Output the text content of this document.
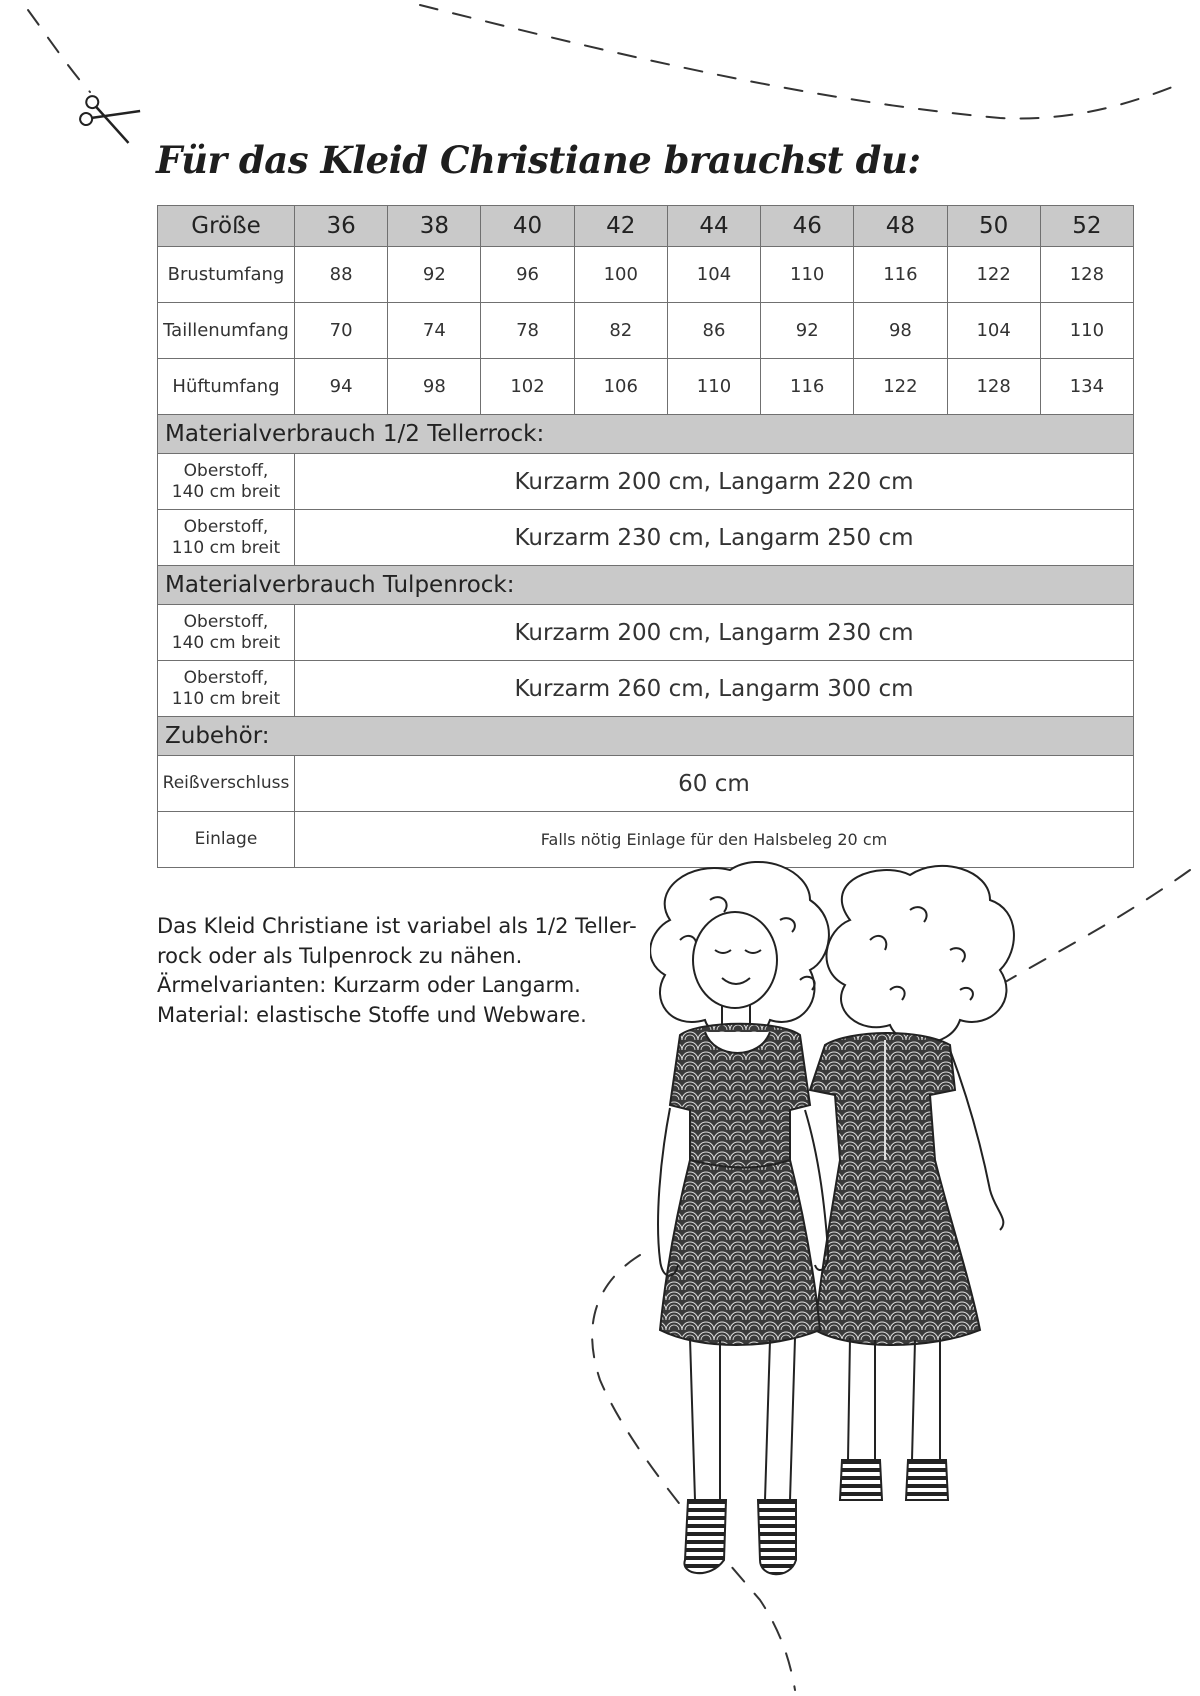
Für das Kleid Christiane brauchst du:
Größe	36	38	40	42	44	46	48	50	52
Brustumfang	88	92	96	100	104	110	116	122	128
Taillenumfang	70	74	78	82	86	92	98	104	110
Hüftumfang	94	98	102	106	110	116	122	128	134
Materialverbrauch 1/2 Tellerrock:									
Oberstoff,
140 cm breit	Kurzarm 200 cm, Langarm 220 cm								
Oberstoff,
110 cm breit	Kurzarm 230 cm, Langarm 250 cm								
Materialverbrauch Tulpenrock:									
Oberstoff,
140 cm breit	Kurzarm 200 cm, Langarm 230 cm								
Oberstoff,
110 cm breit	Kurzarm 260 cm, Langarm 300 cm								
Zubehör:									
Reißverschluss	60 cm								
Einlage	Falls nötig Einlage für den Halsbeleg 20 cm								

Das Kleid Christiane ist variabel als 1/2 Teller-

rock oder als Tulpenrock zu nähen.

Ärmelvarianten: Kurzarm oder Langarm.

Material: elastische Stoffe und Webware.
